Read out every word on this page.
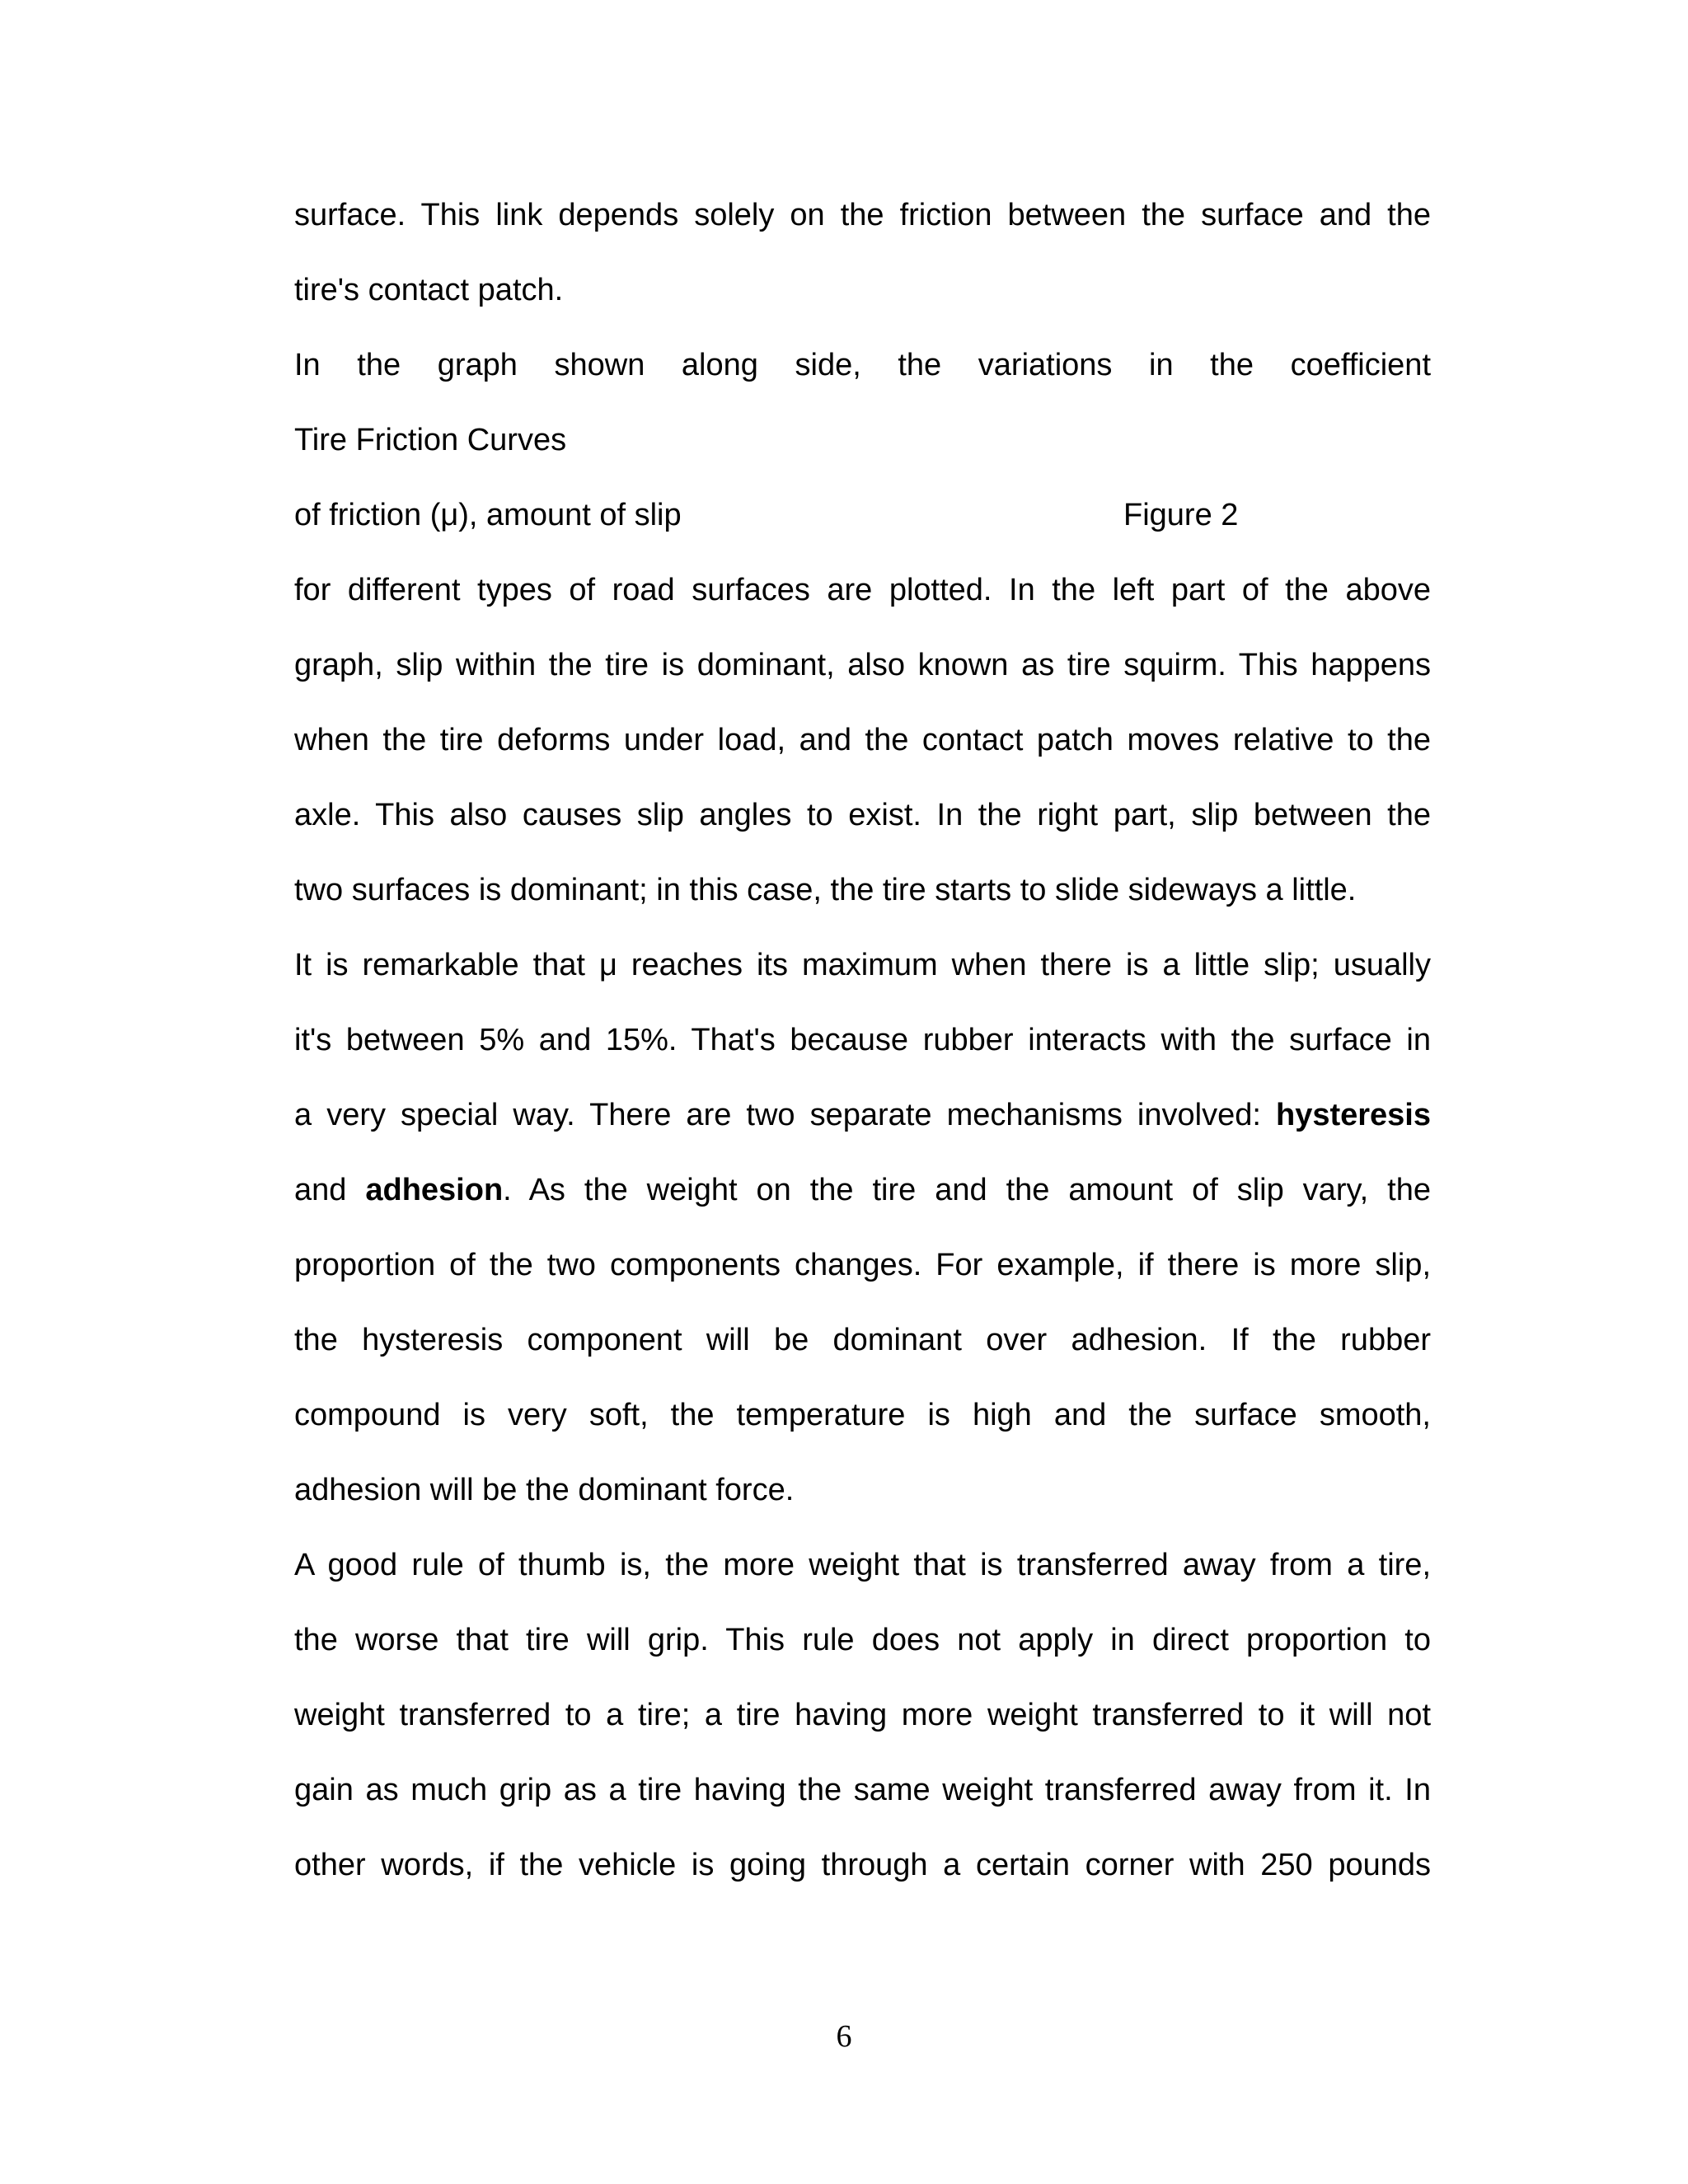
surface. This link depends solely on the friction between the surface and the
tire's contact patch.
In the graph shown along side, the variations in the coefficient
Tire Friction Curves
of friction (μ), amount of slip	Figure 2
for different types of road surfaces are plotted. In the left part of the above
graph, slip within the tire is dominant, also known as tire squirm. This happens
when the tire deforms under load, and the contact patch moves relative to the
axle. This also causes slip angles to exist. In the right part, slip between the
two surfaces is dominant; in this case, the tire starts to slide sideways a little.
It is remarkable that μ reaches its maximum when there is a little slip; usually
it's between 5% and 15%. That's because rubber interacts with the surface in
a very special way. There are two separate mechanisms involved: hysteresis
and adhesion. As the weight on the tire and the amount of slip vary, the
proportion of the two components changes. For example, if there is more slip,
the hysteresis component will be dominant over adhesion. If the rubber
compound is very soft, the temperature is high and the surface smooth,
adhesion will be the dominant force.
A good rule of thumb is, the more weight that is transferred away from a tire,
the worse that tire will grip. This rule does not apply in direct proportion to
weight transferred to a tire; a tire having more weight transferred to it will not
gain as much grip as a tire having the same weight transferred away from it. In
other words, if the vehicle is going through a certain corner with 250 pounds
6
